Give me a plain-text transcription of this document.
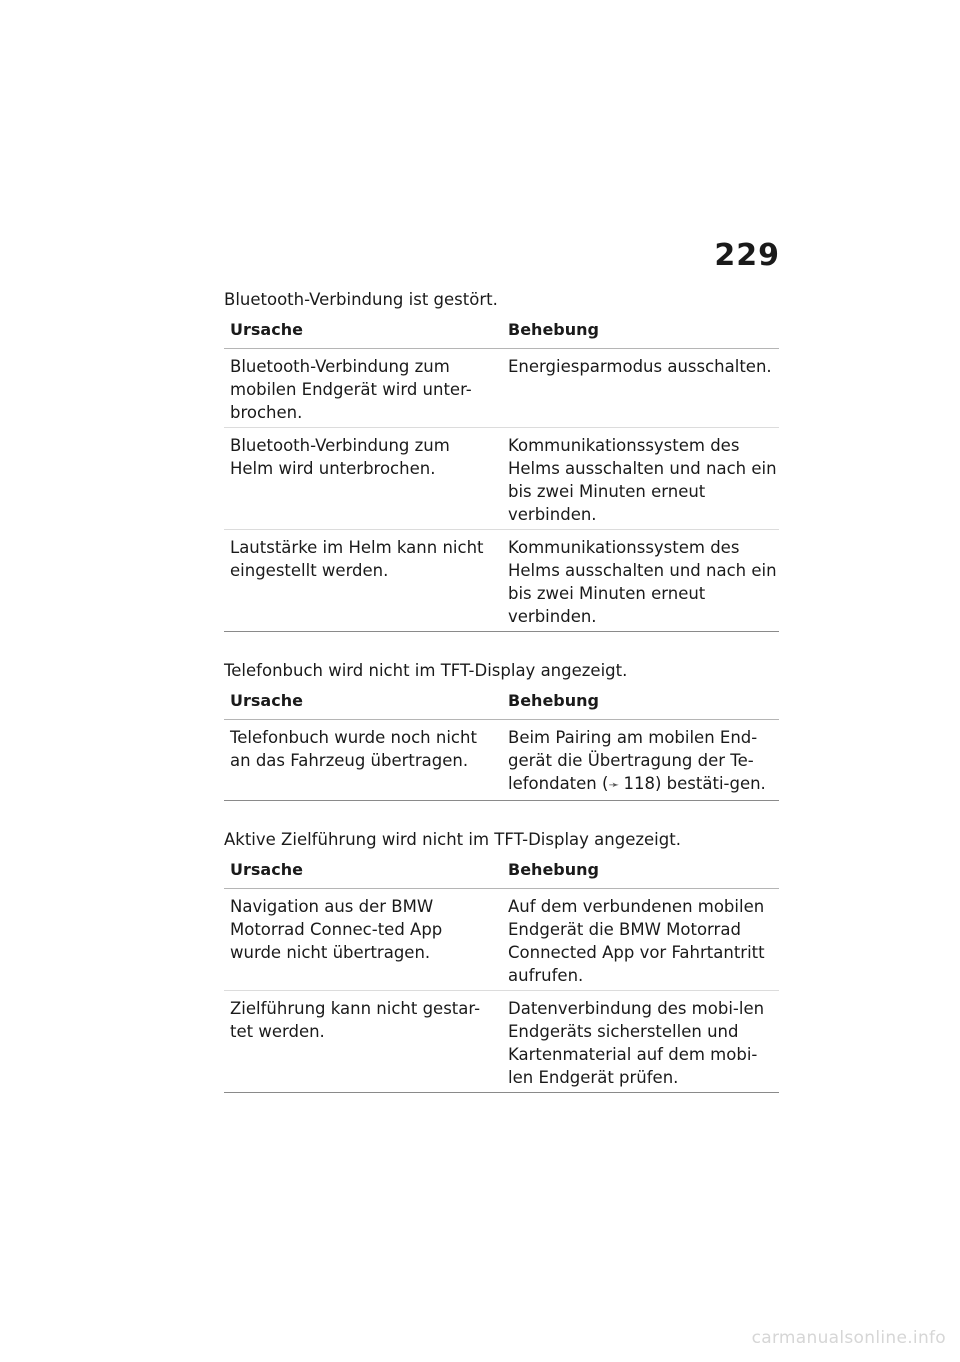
229

Bluetooth-Verbindung ist gestört.

Ursache	Behebung
Bluetooth-Verbindung zum mobilen Endgerät wird unter-brochen.	Energiesparmodus ausschalten.
Bluetooth-Verbindung zum Helm wird unterbrochen.	Kommunikationssystem des Helms ausschalten und nach ein bis zwei Minuten erneut verbinden.
Lautstärke im Helm kann nicht eingestellt werden.	Kommunikationssystem des Helms ausschalten und nach ein bis zwei Minuten erneut verbinden.

Telefonbuch wird nicht im TFT-Display angezeigt.

Ursache	Behebung
Telefonbuch wurde noch nicht an das Fahrzeug übertragen.	Beim Pairing am mobilen End-gerät die Übertragung der Te-lefondaten (➛ 118) bestäti-gen.

Aktive Zielführung wird nicht im TFT-Display angezeigt.

Ursache	Behebung
Navigation aus der BMW Motorrad Connec-ted App wurde nicht übertragen.	Auf dem verbundenen mobilen Endgerät die BMW Motorrad Connected App vor Fahrtantritt aufrufen.
Zielführung kann nicht gestar-tet werden.	Datenverbindung des mobi-len Endgeräts sicherstellen und Kartenmaterial auf dem mobi-len Endgerät prüfen.
carmanualsonline.info
